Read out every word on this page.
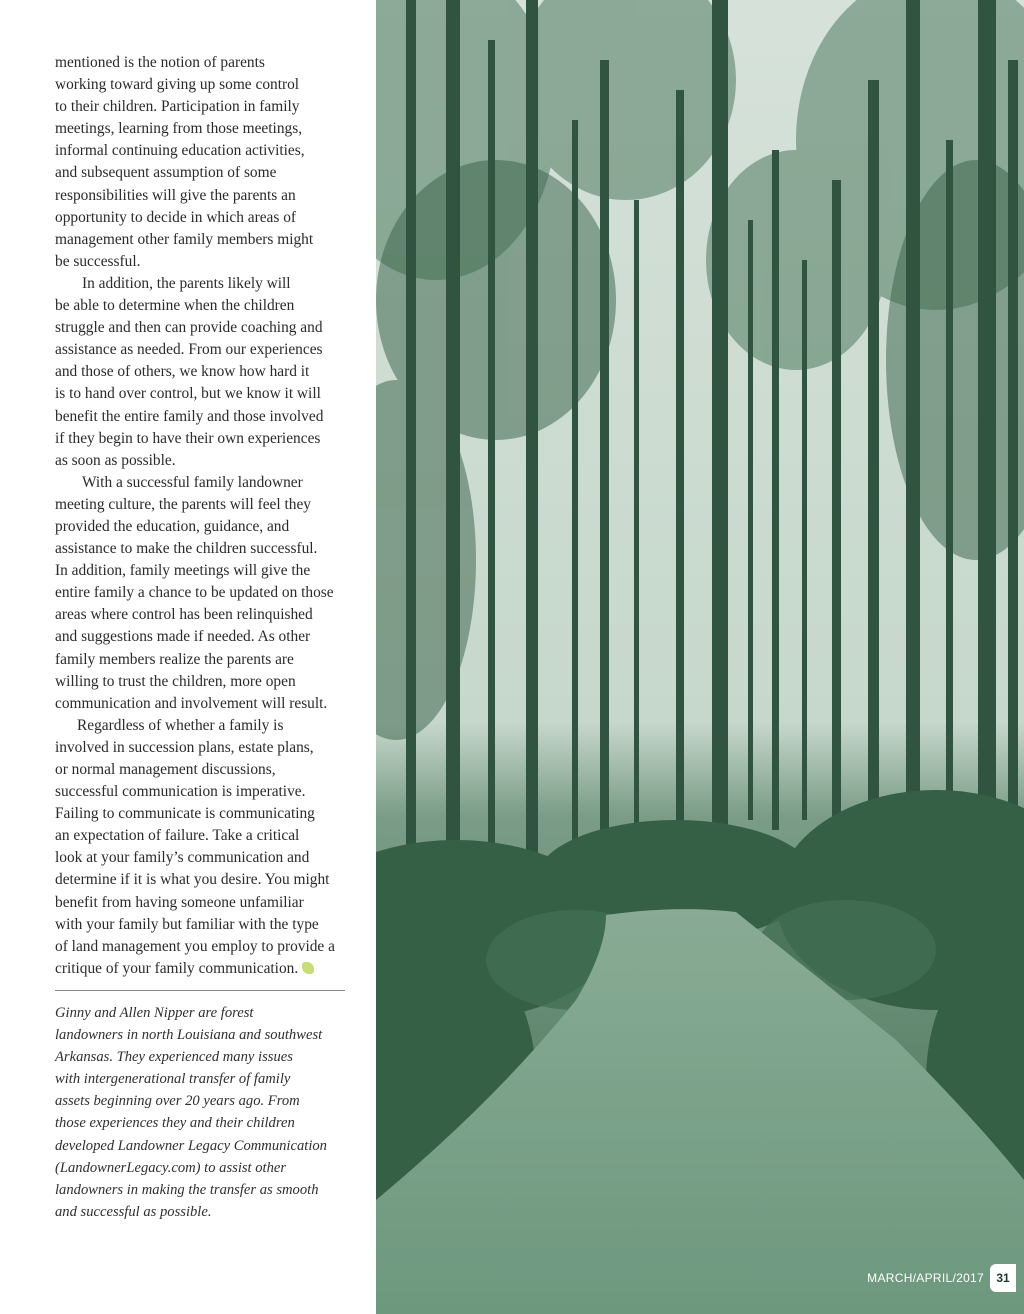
mentioned is the notion of parents
working toward giving up some control
to their children. Participation in family
meetings, learning from those meetings,
informal continuing education activities,
and subsequent assumption of some
responsibilities will give the parents an
opportunity to decide in which areas of
management other family members might
be successful.
In addition, the parents likely will
be able to determine when the children
struggle and then can provide coaching and
assistance as needed. From our experiences
and those of others, we know how hard it
is to hand over control, but we know it will
benefit the entire family and those involved
if they begin to have their own experiences
as soon as possible.
With a successful family landowner
meeting culture, the parents will feel they
provided the education, guidance, and
assistance to make the children successful.
In addition, family meetings will give the
entire family a chance to be updated on those
areas where control has been relinquished
and suggestions made if needed. As other
family members realize the parents are
willing to trust the children, more open
communication and involvement will result.
Regardless of whether a family is
involved in succession plans, estate plans,
or normal management discussions,
successful communication is imperative.
Failing to communicate is communicating
an expectation of failure. Take a critical
look at your family’s communication and
determine if it is what you desire. You might
benefit from having someone unfamiliar
with your family but familiar with the type
of land management you employ to provide a
critique of your family communication.
Ginny and Allen Nipper are forest
landowners in north Louisiana and southwest
Arkansas. They experienced many issues
with intergenerational transfer of family
assets beginning over 20 years ago. From
those experiences they and their children
developed Landowner Legacy Communication
(LandownerLegacy.com) to assist other
landowners in making the transfer as smooth
and successful as possible.
MARCH/APRIL/2017	31
